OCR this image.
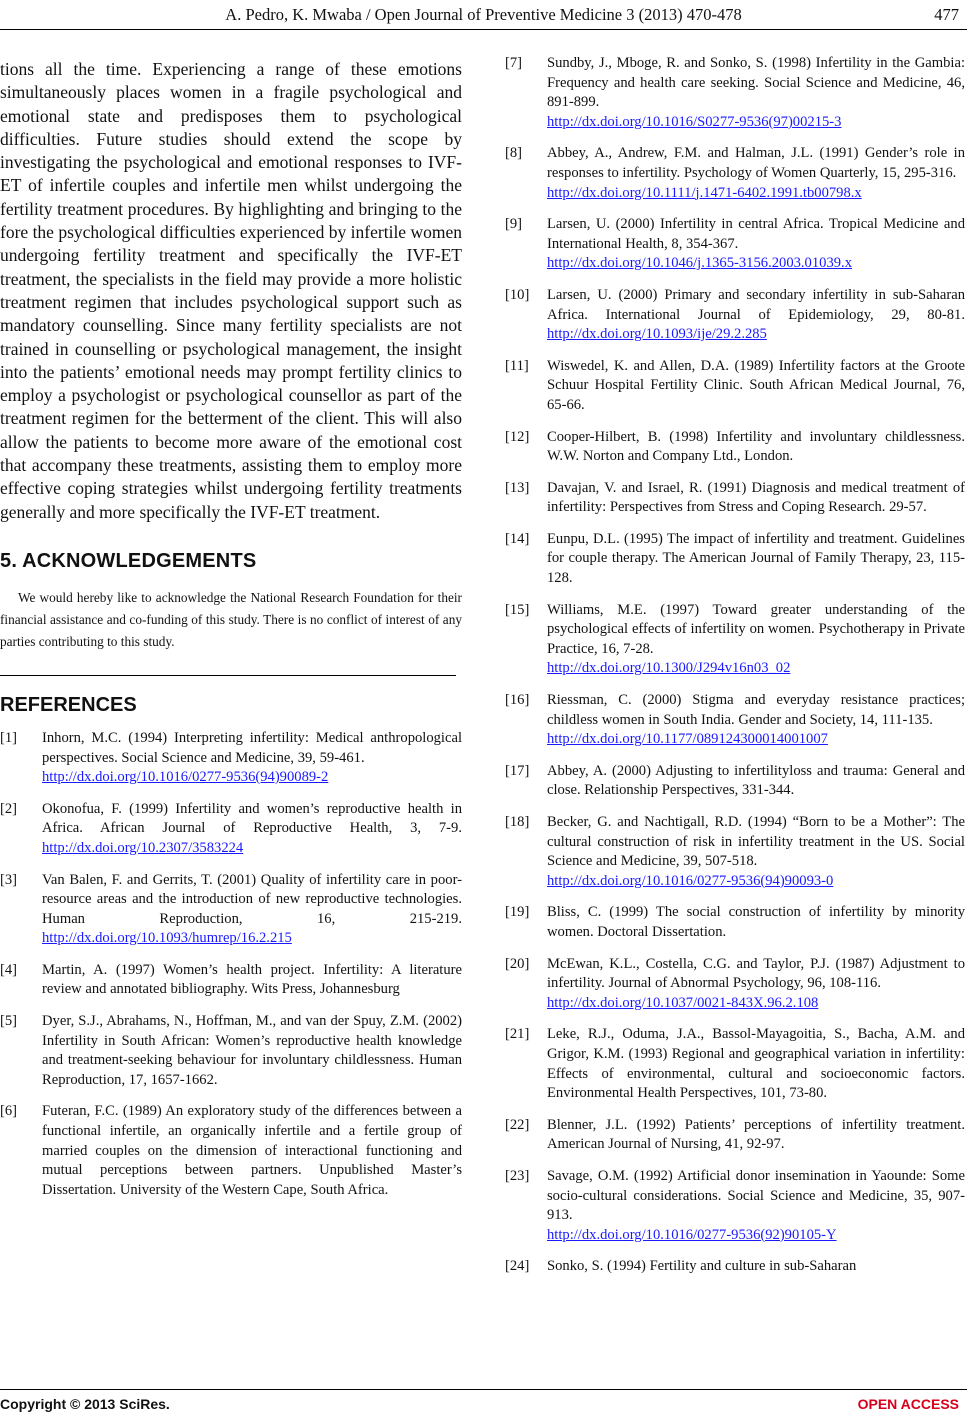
A. Pedro, K. Mwaba / Open Journal of Preventive Medicine 3 (2013) 470-478	477

tions all the time. Experiencing a range of these emotions simultaneously places women in a fragile psychological and emotional state and predisposes them to psychological difficulties. Future studies should extend the scope by investigating the psychological and emotional responses to IVF-ET of infertile couples and infertile men whilst undergoing the fertility treatment procedures. By highlighting and bringing to the fore the psychological difficulties experienced by infertile women undergoing fertility treatment and specifically the IVF-ET treatment, the specialists in the field may provide a more holistic treatment regimen that includes psychological support such as mandatory counselling. Since many fertility specialists are not trained in counselling or psychological management, the insight into the patients’ emotional needs may prompt fertility clinics to employ a psychologist or psychological counsellor as part of the treatment regimen for the betterment of the client. This will also allow the patients to become more aware of the emotional cost that accompany these treatments, assisting them to employ more effective coping strategies whilst undergoing fertility treatments generally and more specifically the IVF-ET treatment.

5. ACKNOWLEDGEMENTS

We would hereby like to acknowledge the National Research Foundation for their financial assistance and co-funding of this study. There is no conflict of interest of any parties contributing to this study.

REFERENCES
[1] Inhorn, M.C. (1994) Interpreting infertility: Medical anthropological perspectives. Social Science and Medicine, 39, 59-461.
http://dx.doi.org/10.1016/0277-9536(94)90089-2
[2] Okonofua, F. (1999) Infertility and women’s reproductive health in Africa. African Journal of Reproductive Health, 3, 7-9. http://dx.doi.org/10.2307/3583224
[3] Van Balen, F. and Gerrits, T. (2001) Quality of infertility care in poor-resource areas and the introduction of new reproductive technologies. Human Reproduction, 16, 215-219. http://dx.doi.org/10.1093/humrep/16.2.215
[4] Martin, A. (1997) Women’s health project. Infertility: A literature review and annotated bibliography. Wits Press, Johannesburg
[5] Dyer, S.J., Abrahams, N., Hoffman, M., and van der Spuy, Z.M. (2002) Infertility in South African: Women’s reproductive health knowledge and treatment-seeking behaviour for involuntary childlessness. Human Reproduction, 17, 1657-1662.
[6] Futeran, F.C. (1989) An exploratory study of the differences between a functional infertile, an organically infertile and a fertile group of married couples on the dimension of interactional functioning and mutual perceptions between partners. Unpublished Master’s Dissertation. University of the Western Cape, South Africa.
[7] Sundby, J., Mboge, R. and Sonko, S. (1998) Infertility in the Gambia: Frequency and health care seeking. Social Science and Medicine, 46, 891-899.
http://dx.doi.org/10.1016/S0277-9536(97)00215-3
[8] Abbey, A., Andrew, F.M. and Halman, J.L. (1991) Gender’s role in responses to infertility. Psychology of Women Quarterly, 15, 295-316.
http://dx.doi.org/10.1111/j.1471-6402.1991.tb00798.x
[9] Larsen, U. (2000) Infertility in central Africa. Tropical Medicine and International Health, 8, 354-367.
http://dx.doi.org/10.1046/j.1365-3156.2003.01039.x
[10] Larsen, U. (2000) Primary and secondary infertility in sub-Saharan Africa. International Journal of Epidemiology, 29, 80-81. http://dx.doi.org/10.1093/ije/29.2.285
[11] Wiswedel, K. and Allen, D.A. (1989) Infertility factors at the Groote Schuur Hospital Fertility Clinic. South African Medical Journal, 76, 65-66.
[12] Cooper-Hilbert, B. (1998) Infertility and involuntary childlessness. W.W. Norton and Company Ltd., London.
[13] Davajan, V. and Israel, R. (1991) Diagnosis and medical treatment of infertility: Perspectives from Stress and Coping Research. 29-57.
[14] Eunpu, D.L. (1995) The impact of infertility and treatment. Guidelines for couple therapy. The American Journal of Family Therapy, 23, 115-128.
[15] Williams, M.E. (1997) Toward greater understanding of the psychological effects of infertility on women. Psychotherapy in Private Practice, 16, 7-28.
http://dx.doi.org/10.1300/J294v16n03_02
[16] Riessman, C. (2000) Stigma and everyday resistance practices; childless women in South India. Gender and Society, 14, 111-135.
http://dx.doi.org/10.1177/089124300014001007
[17] Abbey, A. (2000) Adjusting to infertilityloss and trauma: General and close. Relationship Perspectives, 331-344.
[18] Becker, G. and Nachtigall, R.D. (1994) “Born to be a Mother”: The cultural construction of risk in infertility treatment in the US. Social Science and Medicine, 39, 507-518.
http://dx.doi.org/10.1016/0277-9536(94)90093-0
[19] Bliss, C. (1999) The social construction of infertility by minority women. Doctoral Dissertation.
[20] McEwan, K.L., Costella, C.G. and Taylor, P.J. (1987) Adjustment to infertility. Journal of Abnormal Psychology, 96, 108-116.
http://dx.doi.org/10.1037/0021-843X.96.2.108
[21] Leke, R.J., Oduma, J.A., Bassol-Mayagoitia, S., Bacha, A.M. and Grigor, K.M. (1993) Regional and geographical variation in infertility: Effects of environmental, cultural and socioeconomic factors. Environmental Health Perspectives, 101, 73-80.
[22] Blenner, J.L. (1992) Patients’ perceptions of infertility treatment. American Journal of Nursing, 41, 92-97.
[23] Savage, O.M. (1992) Artificial donor insemination in Yaounde: Some socio-cultural considerations. Social Science and Medicine, 35, 907-913.
http://dx.doi.org/10.1016/0277-9536(92)90105-Y
[24] Sonko, S. (1994) Fertility and culture in sub-Saharan
Copyright © 2013 SciRes.	OPEN ACCESS
